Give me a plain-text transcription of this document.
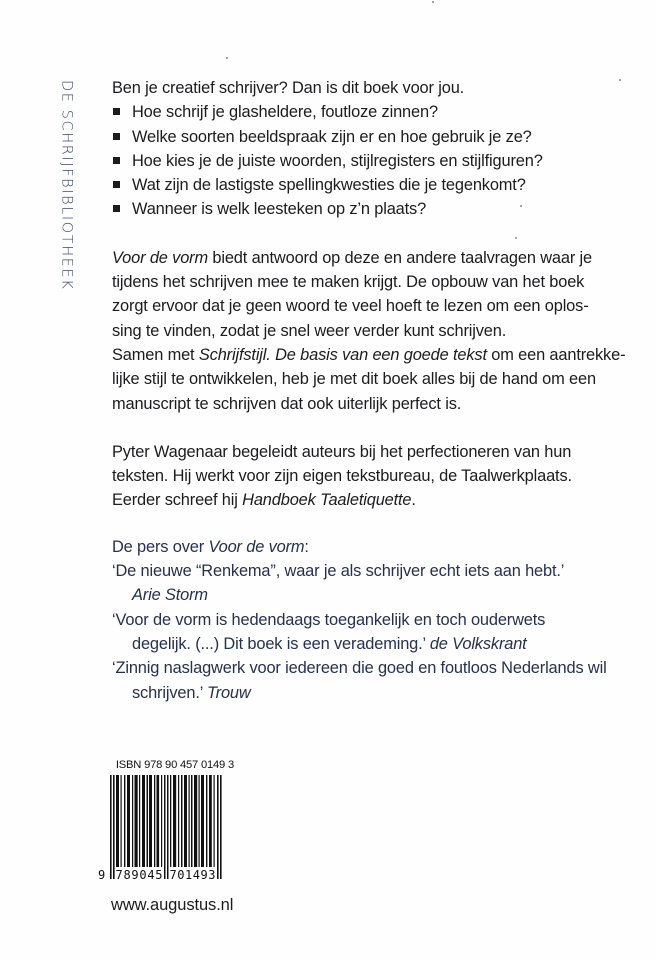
DE SCHRIJFBIBLIOTHEEK Ben je creatief schrijver? Dan is dit boek voor jou.
Hoe schrijf je glasheldere, foutloze zinnen?
Welke soorten beeldspraak zijn er en hoe gebruik je ze?
Hoe kies je de juiste woorden, stijlregisters en stijlfiguren?
Wat zijn de lastigste spellingkwesties die je tegenkomt?
Wanneer is welk leesteken op z’n plaats?
Voor de vorm biedt antwoord op deze en andere taalvragen waar je
tijdens het schrijven mee te maken krijgt. De opbouw van het boek
zorgt ervoor dat je geen woord te veel hoeft te lezen om een oplos-
sing te vinden, zodat je snel weer verder kunt schrijven.
Samen met Schrijfstijl. De basis van een goede tekst om een aantrekke-
lijke stijl te ontwikkelen, heb je met dit boek alles bij de hand om een
manuscript te schrijven dat ook uiterlijk perfect is.
Pyter Wagenaar begeleidt auteurs bij het perfectioneren van hun
teksten. Hij werkt voor zijn eigen tekstbureau, de Taalwerkplaats.
Eerder schreef hij Handboek Taaletiquette.
De pers over Voor de vorm:
‘De nieuwe “Renkema”, waar je als schrijver echt iets aan hebt.’
Arie Storm
‘Voor de vorm is hedendaags toegankelijk en toch ouderwets
degelijk. (...) Dit boek is een verademing.’ de Volkskrant
‘Zinnig naslagwerk voor iedereen die goed en foutloos Nederlands wil
schrijven.’ Trouw
ISBN 978 90 457 0149 3
9 789045 701493
www.augustus.nl
